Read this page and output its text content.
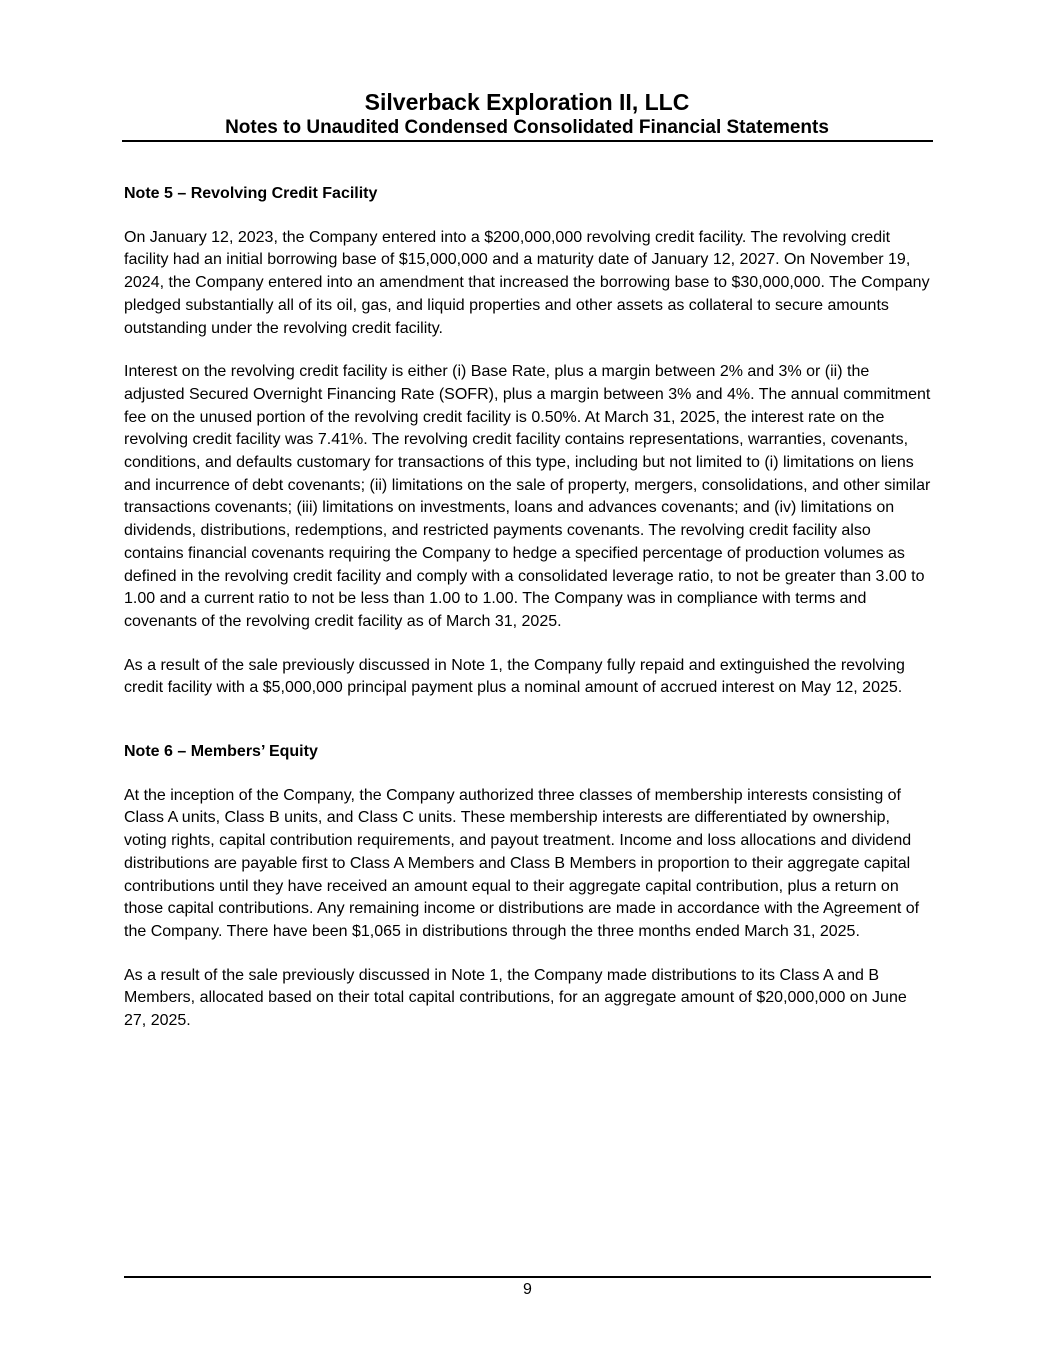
Silverback Exploration II, LLC
Notes to Unaudited Condensed Consolidated Financial Statements
Note 5 – Revolving Credit Facility

On January 12, 2023, the Company entered into a $200,000,000 revolving credit facility. The revolving credit facility had an initial borrowing base of $15,000,000 and a maturity date of January 12, 2027. On November 19, 2024, the Company entered into an amendment that increased the borrowing base to $30,000,000. The Company pledged substantially all of its oil, gas, and liquid properties and other assets as collateral to secure amounts outstanding under the revolving credit facility.

Interest on the revolving credit facility is either (i) Base Rate, plus a margin between 2% and 3% or (ii) the adjusted Secured Overnight Financing Rate (SOFR), plus a margin between 3% and 4%. The annual commitment fee on the unused portion of the revolving credit facility is 0.50%. At March 31, 2025, the interest rate on the revolving credit facility was 7.41%. The revolving credit facility contains representations, warranties, covenants, conditions, and defaults customary for transactions of this type, including but not limited to (i) limitations on liens and incurrence of debt covenants; (ii) limitations on the sale of property, mergers, consolidations, and other similar transactions covenants; (iii) limitations on investments, loans and advances covenants; and (iv) limitations on dividends, distributions, redemptions, and restricted payments covenants. The revolving credit facility also contains financial covenants requiring the Company to hedge a specified percentage of production volumes as defined in the revolving credit facility and comply with a consolidated leverage ratio, to not be greater than 3.00 to 1.00 and a current ratio to not be less than 1.00 to 1.00. The Company was in compliance with terms and covenants of the revolving credit facility as of March 31, 2025.

As a result of the sale previously discussed in Note 1, the Company fully repaid and extinguished the revolving credit facility with a $5,000,000 principal payment plus a nominal amount of accrued interest on May 12, 2025.

Note 6 – Members’ Equity

At the inception of the Company, the Company authorized three classes of membership interests consisting of Class A units, Class B units, and Class C units. These membership interests are differentiated by ownership, voting rights, capital contribution requirements, and payout treatment. Income and loss allocations and dividend distributions are payable first to Class A Members and Class B Members in proportion to their aggregate capital contributions until they have received an amount equal to their aggregate capital contribution, plus a return on those capital contributions. Any remaining income or distributions are made in accordance with the Agreement of the Company. There have been $1,065 in distributions through the three months ended March 31, 2025.

As a result of the sale previously discussed in Note 1, the Company made distributions to its Class A and B Members, allocated based on their total capital contributions, for an aggregate amount of $20,000,000 on June 27, 2025.

9
